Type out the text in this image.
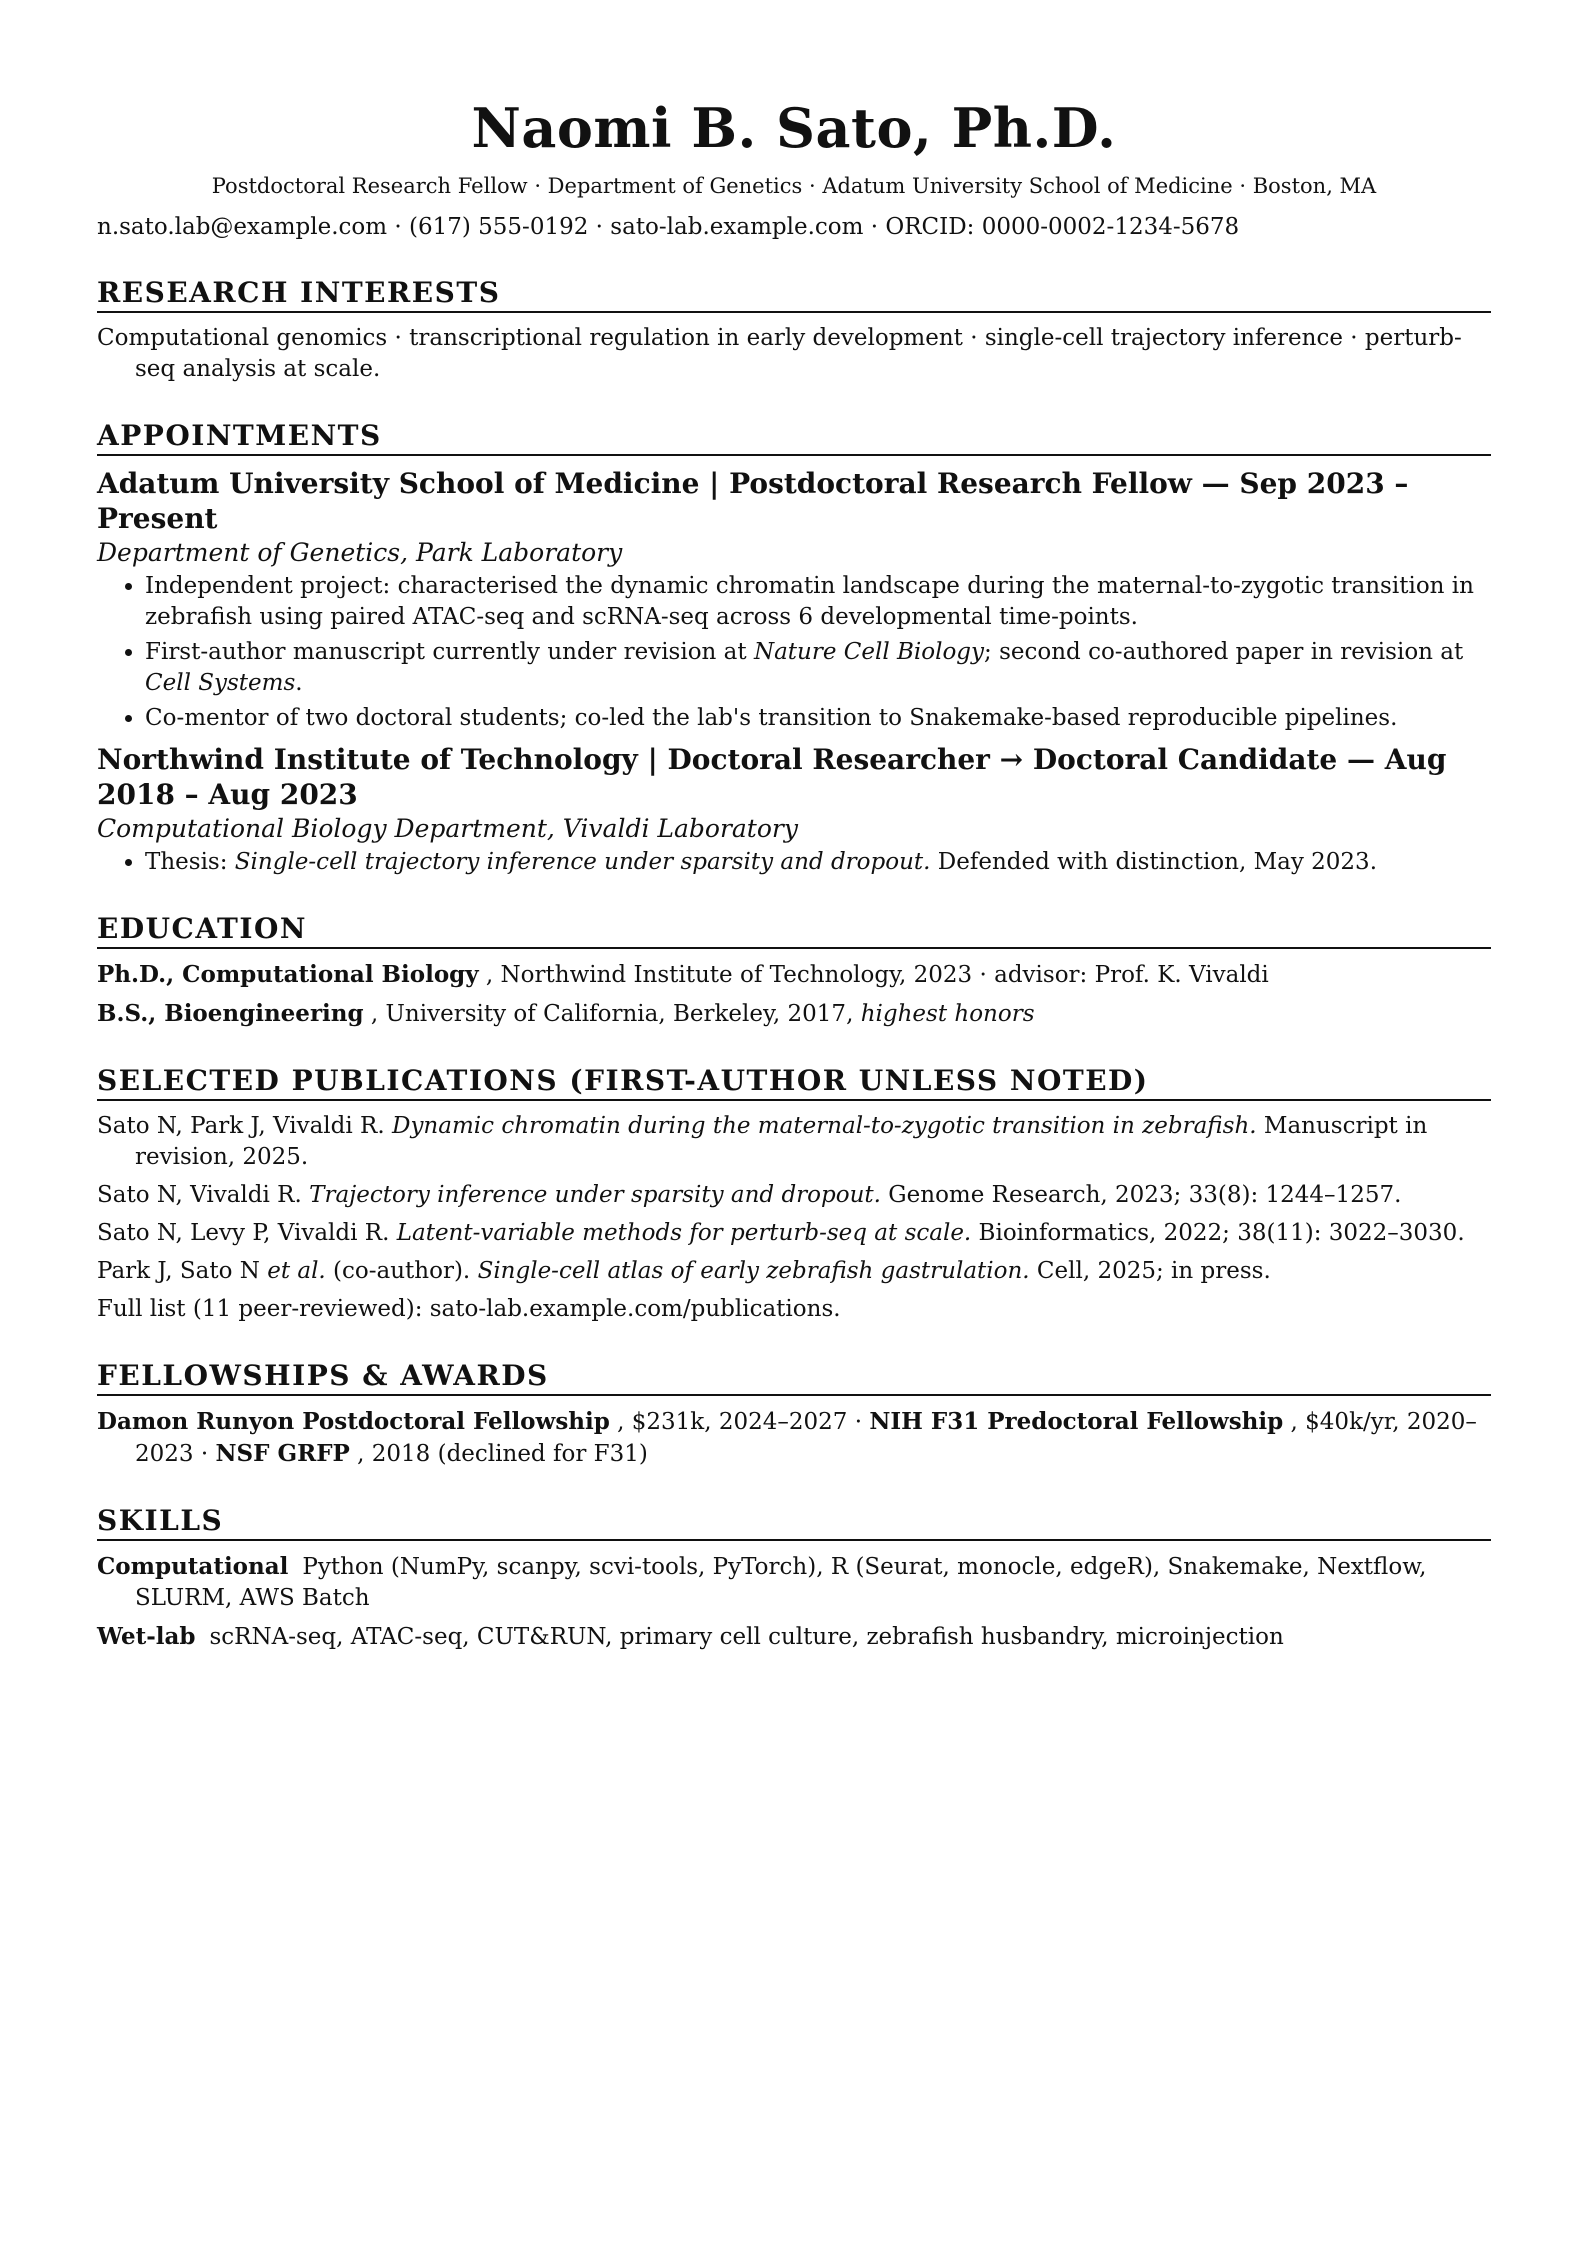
Naomi B. Sato, Ph.D.
Postdoctoral Research Fellow · Department of Genetics · Adatum University School of Medicine · Boston, MA
n.sato.lab@example.com · (617) 555-0192 · sato-lab.example.com · ORCID: 0000-0002-1234-5678
RESEARCH INTERESTS
Computational genomics · transcriptional regulation in early development · single-cell trajectory inference · perturb-seq analysis at scale.
APPOINTMENTS
Adatum University School of Medicine | Postdoctoral Research Fellow — Sep 2023 – Present
Department of Genetics, Park Laboratory
• Independent project: characterised the dynamic chromatin landscape during the maternal-to-zygotic transition in zebrafish using paired ATAC-seq and scRNA-seq across 6 developmental time-points.
• First-author manuscript currently under revision at Nature Cell Biology; second co-authored paper in revision at Cell Systems.
• Co-mentor of two doctoral students; co-led the lab's transition to Snakemake-based reproducible pipelines.
Northwind Institute of Technology | Doctoral Researcher → Doctoral Candidate — Aug 2018 – Aug 2023
Computational Biology Department, Vivaldi Laboratory
• Thesis: Single-cell trajectory inference under sparsity and dropout. Defended with distinction, May 2023.
EDUCATION
Ph.D., Computational Biology , Northwind Institute of Technology, 2023 · advisor: Prof. K. Vivaldi
B.S., Bioengineering , University of California, Berkeley, 2017, highest honors
SELECTED PUBLICATIONS (FIRST-AUTHOR UNLESS NOTED)
Sato N, Park J, Vivaldi R. Dynamic chromatin during the maternal-to-zygotic transition in zebrafish. Manuscript in revision, 2025.
Sato N, Vivaldi R. Trajectory inference under sparsity and dropout. Genome Research, 2023; 33(8): 1244–1257.
Sato N, Levy P, Vivaldi R. Latent-variable methods for perturb-seq at scale. Bioinformatics, 2022; 38(11): 3022–3030.
Park J, Sato N et al. (co-author). Single-cell atlas of early zebrafish gastrulation. Cell, 2025; in press.
Full list (11 peer-reviewed): sato-lab.example.com/publications.
FELLOWSHIPS & AWARDS
Damon Runyon Postdoctoral Fellowship , $231k, 2024–2027 · NIH F31 Predoctoral Fellowship , $40k/yr, 2020–2023 · NSF GRFP , 2018 (declined for F31)
SKILLS
Computational Python (NumPy, scanpy, scvi-tools, PyTorch), R (Seurat, monocle, edgeR), Snakemake, Nextflow, SLURM, AWS Batch
Wet-lab scRNA-seq, ATAC-seq, CUT&RUN, primary cell culture, zebrafish husbandry, microinjection
